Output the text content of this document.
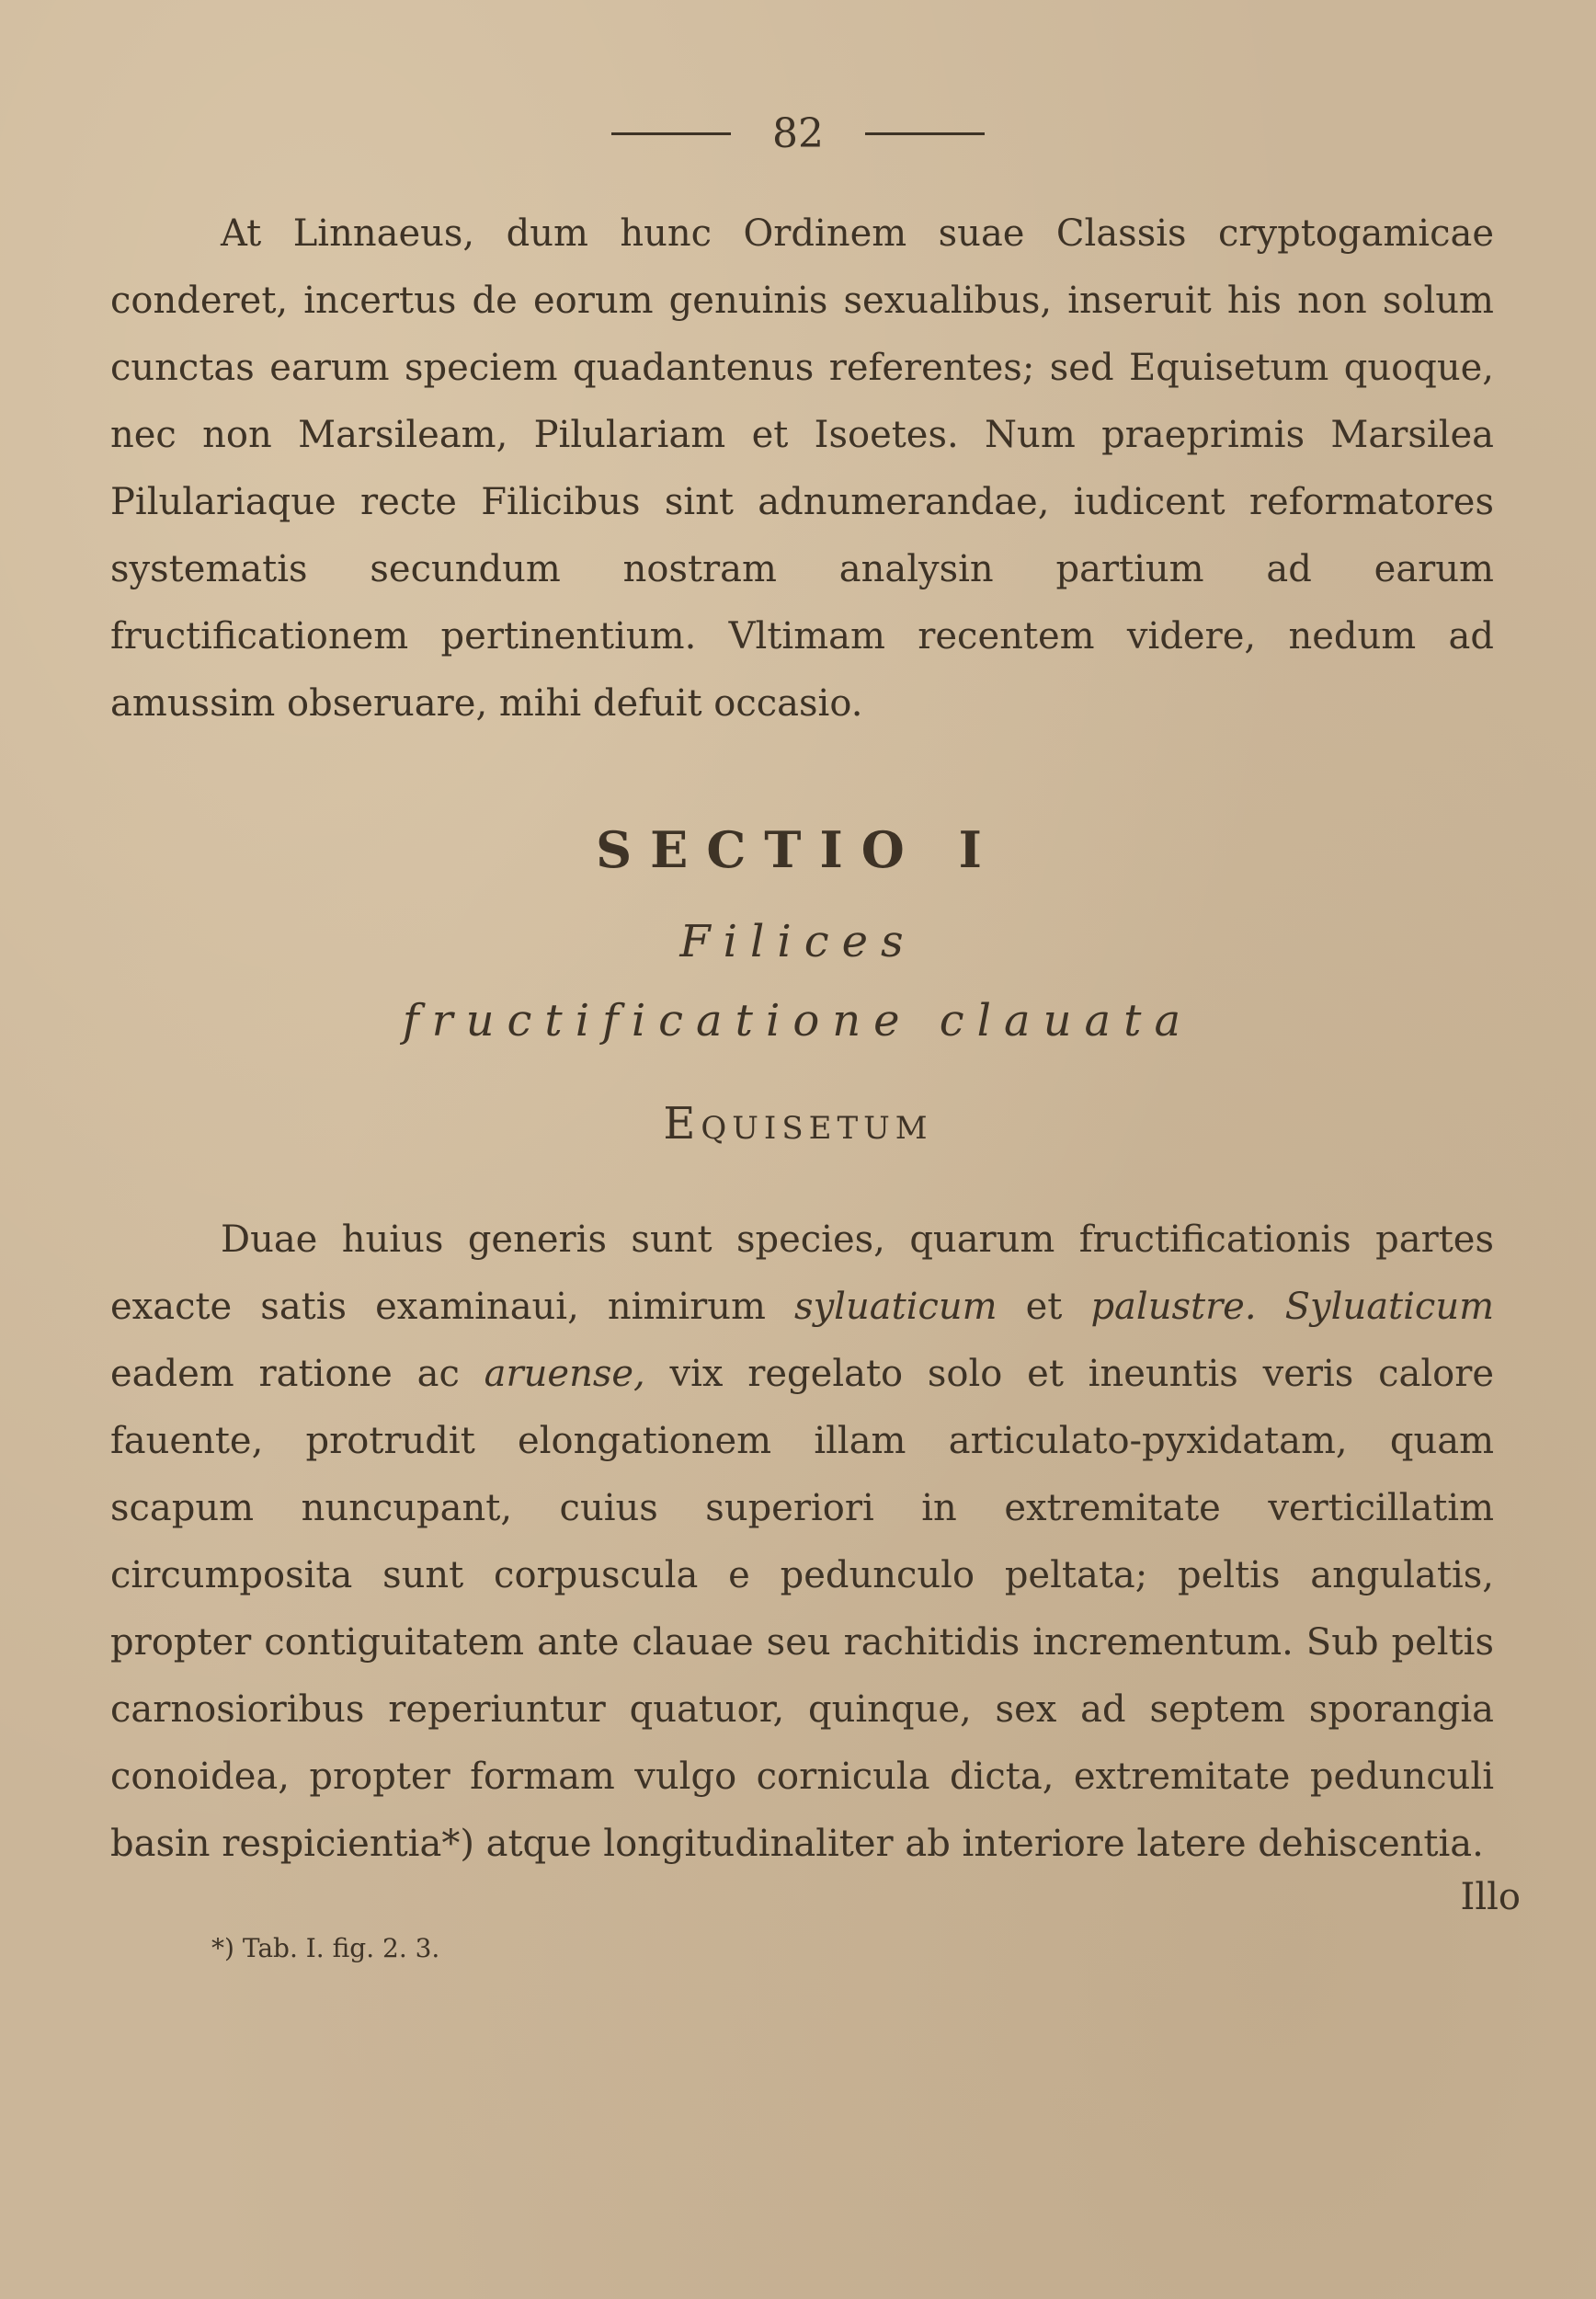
82

At Linnaeus, dum hunc Ordinem suae Classis cryptogamicae conderet, incertus de eorum genuinis sexualibus, inseruit his non solum cunctas earum speciem quadantenus referentes; sed Equisetum quoque, nec non Marsileam, Pilulariam et Isoetes. Num praeprimis Marsilea Pilulariaque recte Filicibus sint adnumerandae, iudicent reformatores systematis secundum nostram analysin partium ad earum fructificationem pertinentium. Vltimam recentem videre, nedum ad amussim obseruare, mihi defuit occasio.

SECTIO I
Filices
fructificatione clauata
Equisetum

Duae huius generis sunt species, quarum fructificationis partes exacte satis examinaui, nimirum syluaticum et palustre. Syluaticum eadem ratione ac aruense, vix regelato solo et ineuntis veris calore fauente, protrudit elongationem illam articulato-pyxidatam, quam scapum nuncupant, cuius superiori in extremitate verticillatim circumposita sunt corpuscula e pedunculo peltata; peltis angulatis, propter contiguitatem ante clauae seu rachitidis incrementum. Sub peltis carnosioribus reperiuntur quatuor, quinque, sex ad septem sporangia conoidea, propter formam vulgo cornicula dicta, extremitate pedunculi basin respicientia*) atque longitudinaliter ab interiore latere dehiscentia.

Illo
*) Tab. I. fig. 2. 3.
